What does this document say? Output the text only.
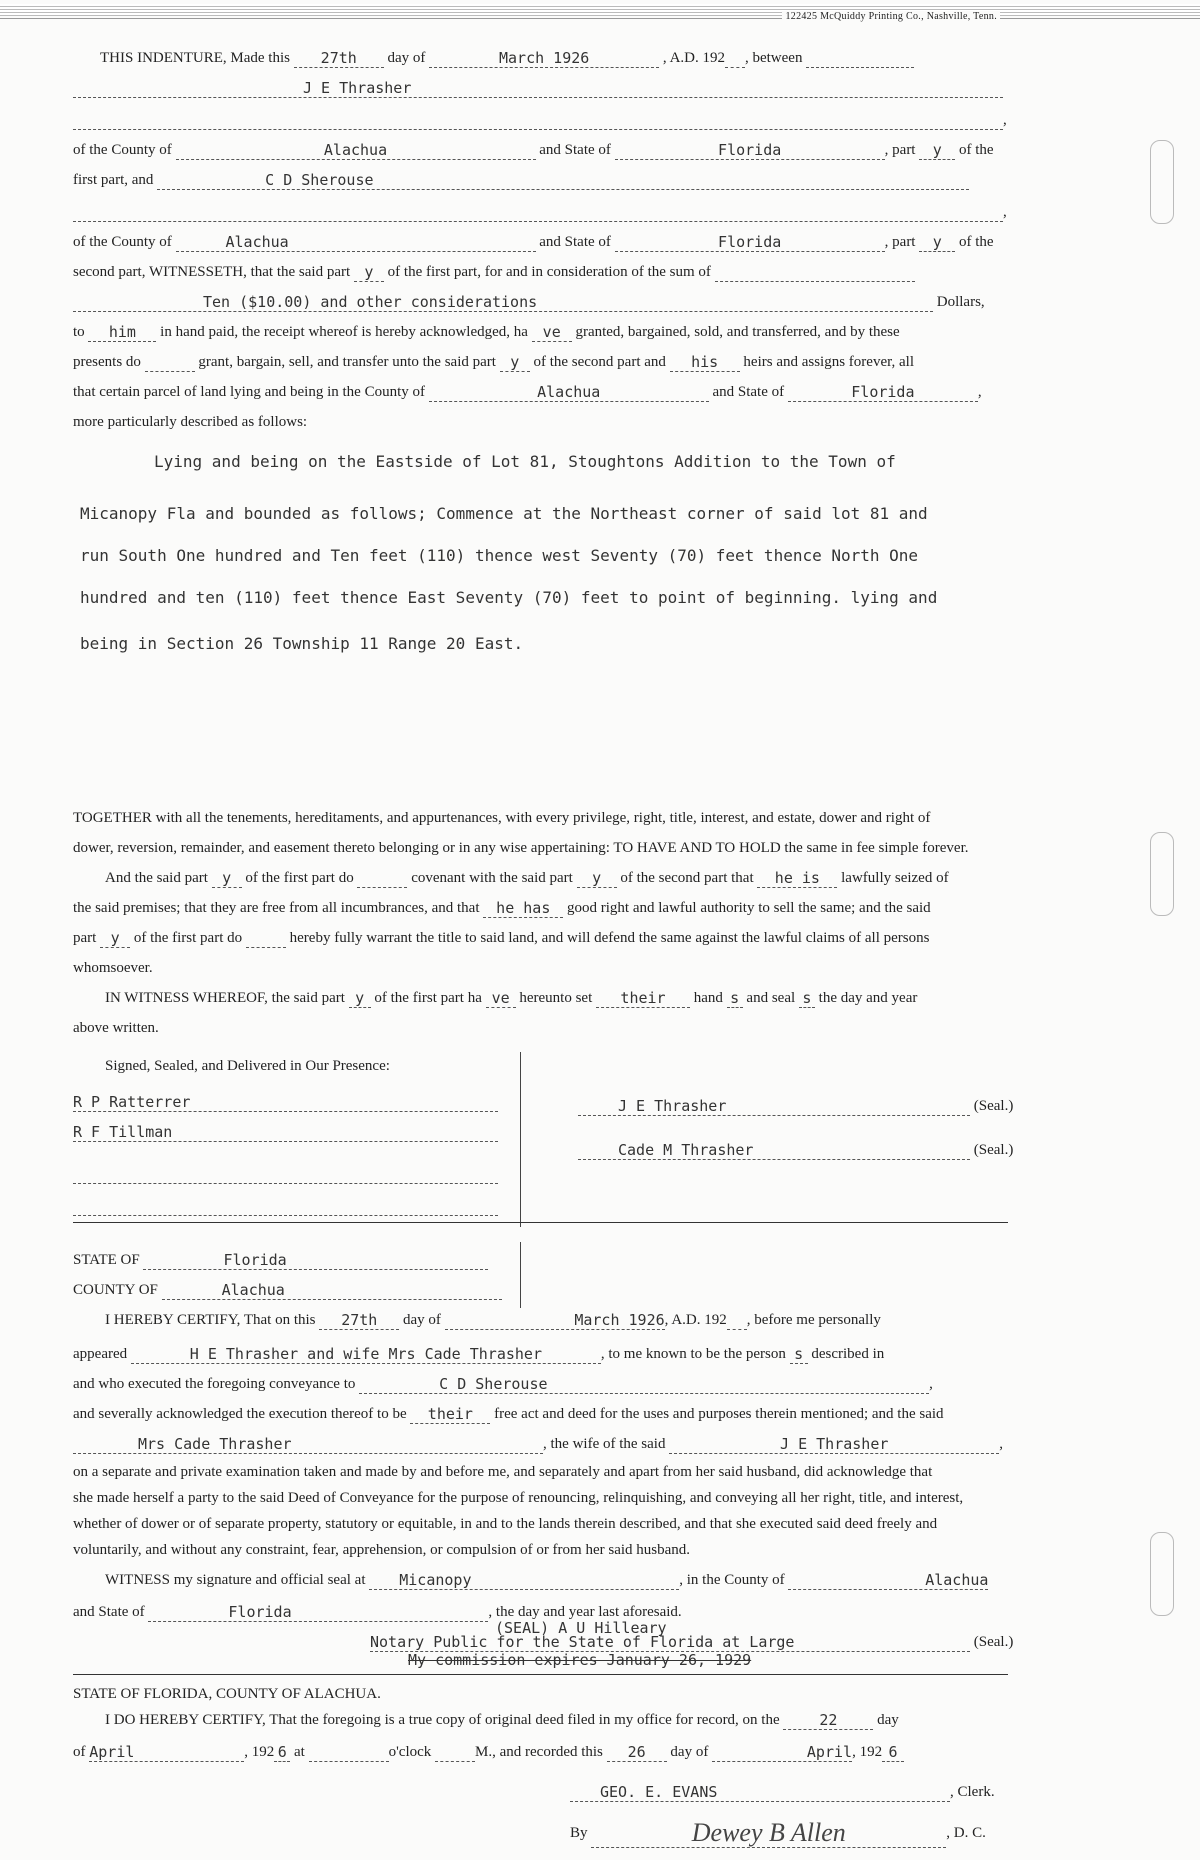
122425 McQuiddy Printing Co., Nashville, Tenn.
THIS INDENTURE, Made this 27th day of	March 1926	, A.D. 192 , between
J E Thrasher
,
of the County of	Alachua	and State of	Florida	, part y of the
first part, and	C D Sherouse
,
of the County of	Alachua	and State of	Florida	, part y of the
second part, WITNESSETH, that the said part y of the first part, for and in consideration of the sum of
Ten ($10.00) and other considerations	Dollars,
to him in hand paid, the receipt whereof is hereby acknowledged, ha ve granted, bargained, sold, and transferred, and by these
presents do	grant, bargain, sell, and transfer unto the said part y of the second part and his heirs and assigns forever, all
that certain parcel of land lying and being in the County of	Alachua	and State of	Florida	,
more particularly described as follows:
Lying and being on the Eastside of Lot 81, Stoughtons Addition to the Town of
Micanopy Fla and bounded as follows; Commence at the Northeast corner of said lot 81 and
run South One hundred and Ten feet (110) thence west Seventy (70) feet thence North One
hundred and ten (110) feet thence East Seventy (70) feet to point of beginning. lying and
being in Section 26 Township 11 Range 20 East.
TOGETHER with all the tenements, hereditaments, and appurtenances, with every privilege, right, title, interest, and estate, dower and right of
dower, reversion, remainder, and easement thereto belonging or in any wise appertaining: TO HAVE AND TO HOLD the same in fee simple forever.
And the said part y of the first part do	covenant with the said part y of the second part that he is lawfully seized of
the said premises; that they are free from all incumbrances, and that he has good right and lawful authority to sell the same; and the said
part y of the first part do	hereby fully warrant the title to said land, and will defend the same against the lawful claims of all persons
whomsoever.
IN WITNESS WHEREOF, the said part y of the first part ha ve hereunto set their hand s and seal s the day and year
above written.
Signed, Sealed, and Delivered in Our Presence:
R P Ratterrer
R F Tillman
J E Thrasher	(Seal.)
Cade M Thrasher	(Seal.)
STATE OF	Florida
COUNTY OF	Alachua
I HEREBY CERTIFY, That on this 27th day of	March 1926, A.D. 192 , before me personally
appeared	H E Thrasher and wife Mrs Cade Thrasher	, to me known to be the person s described in
and who executed the foregoing conveyance to	C D Sherouse	,
and severally acknowledged the execution thereof to be their free act and deed for the uses and purposes therein mentioned; and the said
Mrs Cade Thrasher	, the wife of the said	J E Thrasher	,
on a separate and private examination taken and made by and before me, and separately and apart from her said husband, did acknowledge that
she made herself a party to the said Deed of Conveyance for the purpose of renouncing, relinquishing, and conveying all her right, title, and interest,
whether of dower or of separate property, statutory or equitable, in and to the lands therein described, and that she executed said deed freely and
voluntarily, and without any constraint, fear, apprehension, or compulsion of or from her said husband.
WITNESS my signature and official seal at Micanopy	, in the County of	Alachua
and State of	Florida	, the day and year last aforesaid.
(SEAL) A U Hilleary
Notary Public for the State of Florida at Large	(Seal.)
My commission expires January 26, 1929
STATE OF FLORIDA, COUNTY OF ALACHUA.
I DO HEREBY CERTIFY, That the foregoing is a true copy of original deed filed in my office for record, on the	22	day
of April	, 192 6 at	o'clock	M., and recorded this 26 day of	April, 192 6
GEO. E. EVANS	, Clerk.
By	Dewey B Allen	, D. C.
